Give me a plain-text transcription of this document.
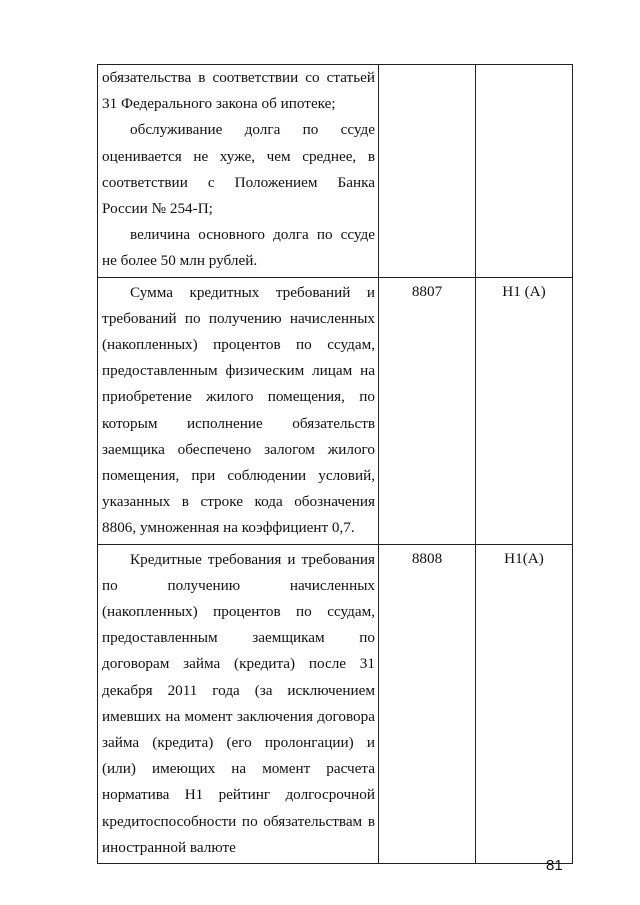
обязательства в соответствии со статьей

31 Федерального закона об ипотеке;

обслуживание долга по ссуде оценивается не хуже, чем среднее, в соответствии с Положением Банка России № 254-П;

величина основного долга по ссуде не более 50 млн рублей.		

Сумма кредитных требований и требований по получению начисленных (накопленных) процентов по ссудам, предоставленным физическим лицам на приобретение жилого помещения, по которым исполнение обязательств заемщика обеспечено залогом жилого помещения, при соблюдении условий, указанных в строке кода обозначения 8806, умноженная на коэффициент 0,7.	8807	Н1 (А)

Кредитные требования и требования по получению начисленных (накопленных) процентов по ссудам, предоставленным заемщикам по договорам займа (кредита) после 31 декабря 2011 года (за исключением имевших на момент заключения договора займа (кредита) (его пролонгации) и (или) имеющих на момент расчета норматива Н1 рейтинг долгосрочной кредитоспособности по обязательствам в иностранной валюте	8808	Н1(А)
81
